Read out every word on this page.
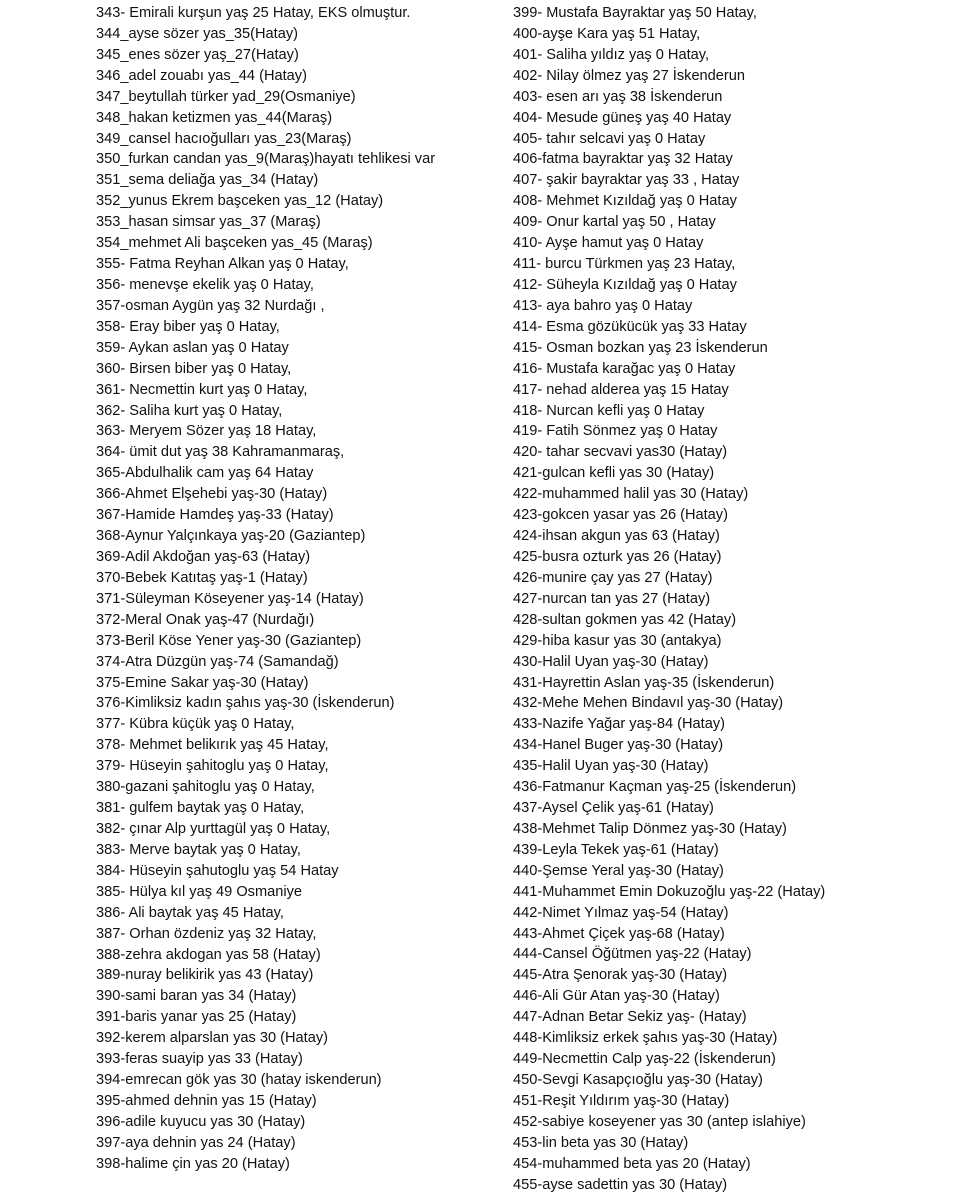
343- Emirali kurşun yaş 25 Hatay, EKS olmuştur.
344_ayse sözer yas_35(Hatay)
345_enes sözer yaş_27(Hatay)
346_adel zouabı yas_44 (Hatay)
347_beytullah türker yad_29(Osmaniye)
348_hakan ketizmen yas_44(Maraş)
349_cansel hacıoğulları yas_23(Maraş)
350_furkan candan yas_9(Maraş)hayatı tehlikesi var
351_sema deliağa yas_34 (Hatay)
352_yunus Ekrem başceken yas_12 (Hatay)
353_hasan simsar yas_37 (Maraş)
354_mehmet Ali başceken yas_45 (Maraş)
355- Fatma Reyhan Alkan yaş 0 Hatay,
356- menevşe ekelik yaş 0 Hatay,
357-osman Aygün yaş 32 Nurdağı ,
358- Eray biber yaş 0 Hatay,
359- Aykan aslan yaş 0 Hatay
360- Birsen biber yaş 0 Hatay,
361- Necmettin kurt yaş 0 Hatay,
362- Saliha kurt yaş 0 Hatay,
363- Meryem Sözer yaş 18 Hatay,
364- ümit dut yaş 38 Kahramanmaraş,
365-Abdulhalik cam yaş 64 Hatay
366-Ahmet Elşehebi yaş-30 (Hatay)
367-Hamide Hamdeş yaş-33 (Hatay)
368-Aynur Yalçınkaya yaş-20 (Gaziantep)
369-Adil Akdoğan yaş-63 (Hatay)
370-Bebek Katıtaş yaş-1 (Hatay)
371-Süleyman Köseyener yaş-14 (Hatay)
372-Meral Onak yaş-47 (Nurdağı)
373-Beril Köse Yener yaş-30 (Gaziantep)
374-Atra Düzgün yaş-74 (Samandağ)
375-Emine Sakar yaş-30 (Hatay)
376-Kimliksiz kadın şahıs yaş-30 (İskenderun)
377- Kübra küçük yaş 0 Hatay,
378- Mehmet belikırık yaş 45 Hatay,
379- Hüseyin şahitoglu yaş 0 Hatay,
380-gazani şahitoglu yaş 0 Hatay,
381- gulfem baytak yaş 0 Hatay,
382- çınar Alp yurttagül yaş 0 Hatay,
383- Merve baytak yaş 0 Hatay,
384- Hüseyin şahutoglu yaş 54 Hatay
385- Hülya kıl yaş 49 Osmaniye
386- Ali baytak yaş 45 Hatay,
387- Orhan özdeniz yaş 32 Hatay,
388-zehra akdogan yas 58 (Hatay)
389-nuray belikirik yas 43 (Hatay)
390-sami baran yas 34 (Hatay)
391-baris yanar yas 25 (Hatay)
392-kerem alparslan yas 30 (Hatay)
393-feras suayip yas 33 (Hatay)
394-emrecan gök yas 30 (hatay iskenderun)
395-ahmed dehnin yas 15 (Hatay)
396-adile kuyucu yas 30 (Hatay)
397-aya dehnin yas 24 (Hatay)
398-halime çin yas 20 (Hatay)
399- Mustafa Bayraktar yaş 50 Hatay,
400-ayşe Kara yaş 51 Hatay,
401- Saliha yıldız yaş 0 Hatay,
402- Nilay ölmez yaş 27 İskenderun
403- esen arı yaş 38 İskenderun
404- Mesude güneş yaş 40 Hatay
405- tahır selcavi yaş 0 Hatay
406-fatma bayraktar yaş 32 Hatay
407- şakir bayraktar yaş 33 , Hatay
408- Mehmet Kızıldağ yaş 0 Hatay
409- Onur kartal yaş 50 , Hatay
410- Ayşe hamut yaş 0 Hatay
411- burcu Türkmen yaş 23 Hatay,
412- Süheyla Kızıldağ yaş 0 Hatay
413- aya bahro yaş 0 Hatay
414- Esma gözükücük yaş 33 Hatay
415- Osman bozkan yaş 23 İskenderun
416- Mustafa karağac yaş 0 Hatay
417- nehad alderea yaş 15 Hatay
418- Nurcan kefli yaş 0 Hatay
419- Fatih Sönmez yaş 0 Hatay
420- tahar secvavi yas30 (Hatay)
421-gulcan kefli yas 30 (Hatay)
422-muhammed halil yas 30 (Hatay)
423-gokcen yasar yas 26 (Hatay)
424-ihsan akgun yas 63 (Hatay)
425-busra ozturk yas 26 (Hatay)
426-munire çay yas 27 (Hatay)
427-nurcan tan yas 27 (Hatay)
428-sultan gokmen yas 42 (Hatay)
429-hiba kasur yas 30 (antakya)
430-Halil Uyan yaş-30 (Hatay)
431-Hayrettin Aslan yaş-35 (İskenderun)
432-Mehe Mehen Bindavıl yaş-30 (Hatay)
433-Nazife Yağar yaş-84 (Hatay)
434-Hanel Buger yaş-30 (Hatay)
435-Halil Uyan yaş-30 (Hatay)
436-Fatmanur Kaçman yaş-25 (İskenderun)
437-Aysel Çelik yaş-61 (Hatay)
438-Mehmet Talip Dönmez yaş-30 (Hatay)
439-Leyla Tekek yaş-61 (Hatay)
440-Şemse Yeral yaş-30 (Hatay)
441-Muhammet Emin Dokuzoğlu yaş-22 (Hatay)
442-Nimet Yılmaz yaş-54 (Hatay)
443-Ahmet Çiçek yaş-68 (Hatay)
444-Cansel Öğütmen yaş-22 (Hatay)
445-Atra Şenorak yaş-30 (Hatay)
446-Ali Gür Atan yaş-30 (Hatay)
447-Adnan Betar Sekiz yaş- (Hatay)
448-Kimliksiz erkek şahıs yaş-30 (Hatay)
449-Necmettin Calp yaş-22 (İskenderun)
450-Sevgi Kasapçıoğlu yaş-30 (Hatay)
451-Reşit Yıldırım yaş-30 (Hatay)
452-sabiye koseyener yas 30 (antep islahiye)
453-lin beta yas 30 (Hatay)
454-muhammed beta yas 20 (Hatay)
455-ayse sadettin yas 30 (Hatay)
